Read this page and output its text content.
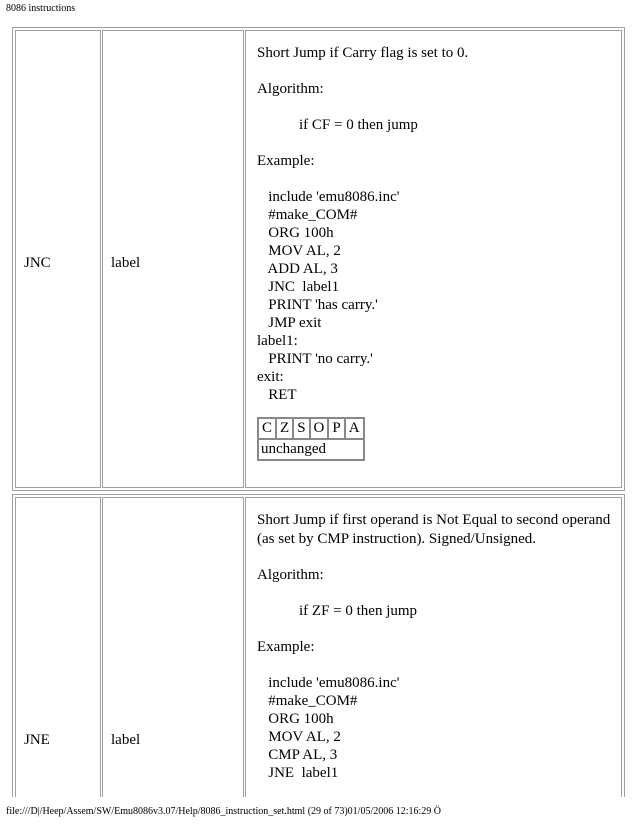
8086 instructions
JNC	label

Short Jump if Carry flag is set to 0.

Algorithm:

if CF = 0 then jump

Example:

include 'emu8086.inc'
#make_COM#
ORG 100h
MOV AL, 2
ADD AL, 3
JNC  label1
PRINT 'has carry.'
JMP exit
label1:
PRINT 'no carry.'
exit:
RET
C	Z	S	O	P	A
unchanged
JNE	label

Short Jump if first operand is Not Equal to second operand (as set by CMP instruction). Signed/Unsigned.

Algorithm:

if ZF = 0 then jump

Example:

include 'emu8086.inc'
#make_COM#
ORG 100h
MOV AL, 2
CMP AL, 3
JNE  label1
file:///D|/Heep/Assem/SW/Emu8086v3.07/Help/8086_instruction_set.html (29 of 73)01/05/2006 12:16:29 Ö
